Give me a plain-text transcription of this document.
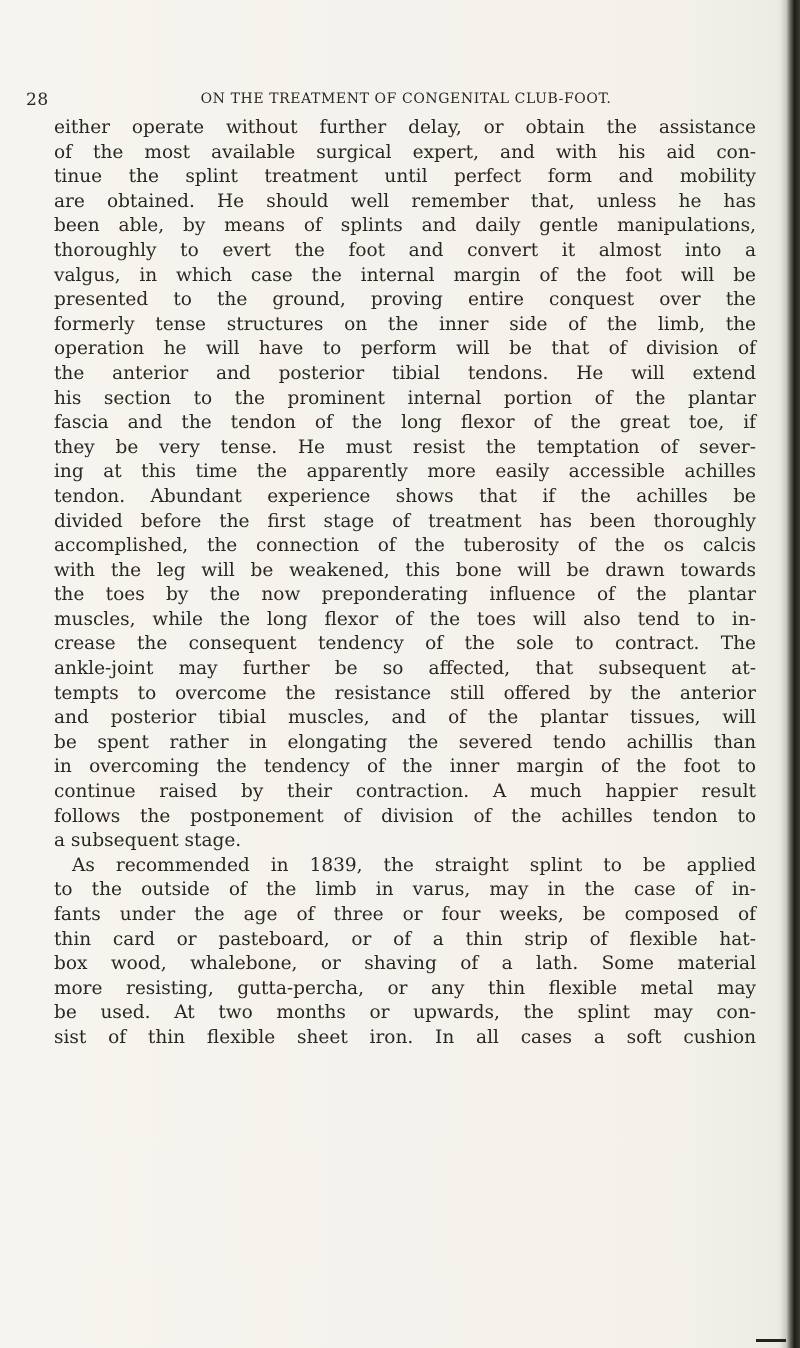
28	ON THE TREATMENT OF CONGENITAL CLUB-FOOT.
either operate without further delay, or obtain the assistance
of the most available surgical expert, and with his aid con-
tinue the splint treatment until perfect form and mobility
are obtained. He should well remember that, unless he has
been able, by means of splints and daily gentle manipulations,
thoroughly to evert the foot and convert it almost into a
valgus, in which case the internal margin of the foot will be
presented to the ground, proving entire conquest over the
formerly tense structures on the inner side of the limb, the
operation he will have to perform will be that of division of
the anterior and posterior tibial tendons. He will extend
his section to the prominent internal portion of the plantar
fascia and the tendon of the long flexor of the great toe, if
they be very tense. He must resist the temptation of sever-
ing at this time the apparently more easily accessible achilles
tendon. Abundant experience shows that if the achilles be
divided before the first stage of treatment has been thoroughly
accomplished, the connection of the tuberosity of the os calcis
with the leg will be weakened, this bone will be drawn towards
the toes by the now preponderating influence of the plantar
muscles, while the long flexor of the toes will also tend to in-
crease the consequent tendency of the sole to contract. The
ankle-joint may further be so affected, that subsequent at-
tempts to overcome the resistance still offered by the anterior
and posterior tibial muscles, and of the plantar tissues, will
be spent rather in elongating the severed tendo achillis than
in overcoming the tendency of the inner margin of the foot to
continue raised by their contraction. A much happier result
follows the postponement of division of the achilles tendon to
a subsequent stage.
As recommended in 1839, the straight splint to be applied
to the outside of the limb in varus, may in the case of in-
fants under the age of three or four weeks, be composed of
thin card or pasteboard, or of a thin strip of flexible hat-
box wood, whalebone, or shaving of a lath. Some material
more resisting, gutta-percha, or any thin flexible metal may
be used. At two months or upwards, the splint may con-
sist of thin flexible sheet iron. In all cases a soft cushion
